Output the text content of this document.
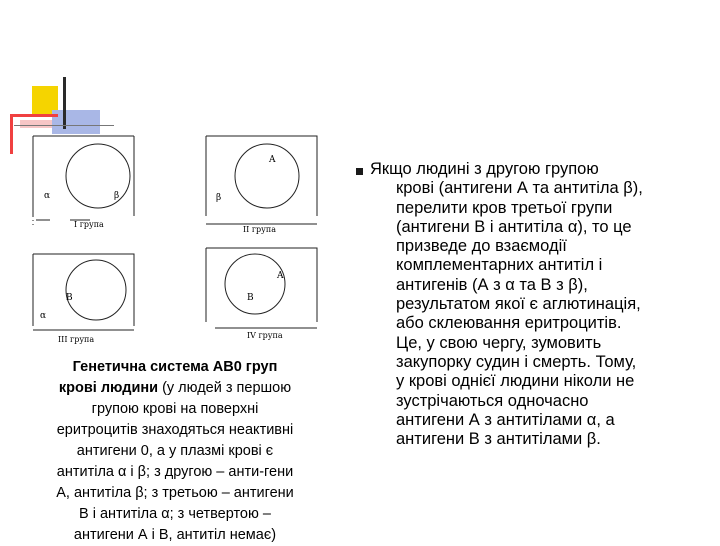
α	β
І група
A
β
ІІ група
B
α
ІІІ група
A
B
IV група
Генетична система АВ0 груп
крові людини (у людей з першою
групою крові на поверхні
еритроцитів знаходяться неактивні
антигени 0, а у плазмі крові є
антитіла α і β; з другою – анти-гени
А, антитіла β; з третьою – антигени
В і антитіла α; з четвертою –
антигени А і В, антитіл немає)
Якщо людині з другою групою
крові (антигени А та антитіла β),
перелити кров третьої групи
(антигени В і антитіла α), то це
призведе до взаємодії
комплементарних антитіл і
антигенів (А з α та В з β),
результатом якої є аглютинація,
або склеювання еритроцитів.
Це, у свою чергу, зумовить
закупорку судин і смерть. Тому,
у крові однієї людини ніколи не
зустрічаються одночасно
антигени А з антитілами α, а
антигени В з антитілами β.
